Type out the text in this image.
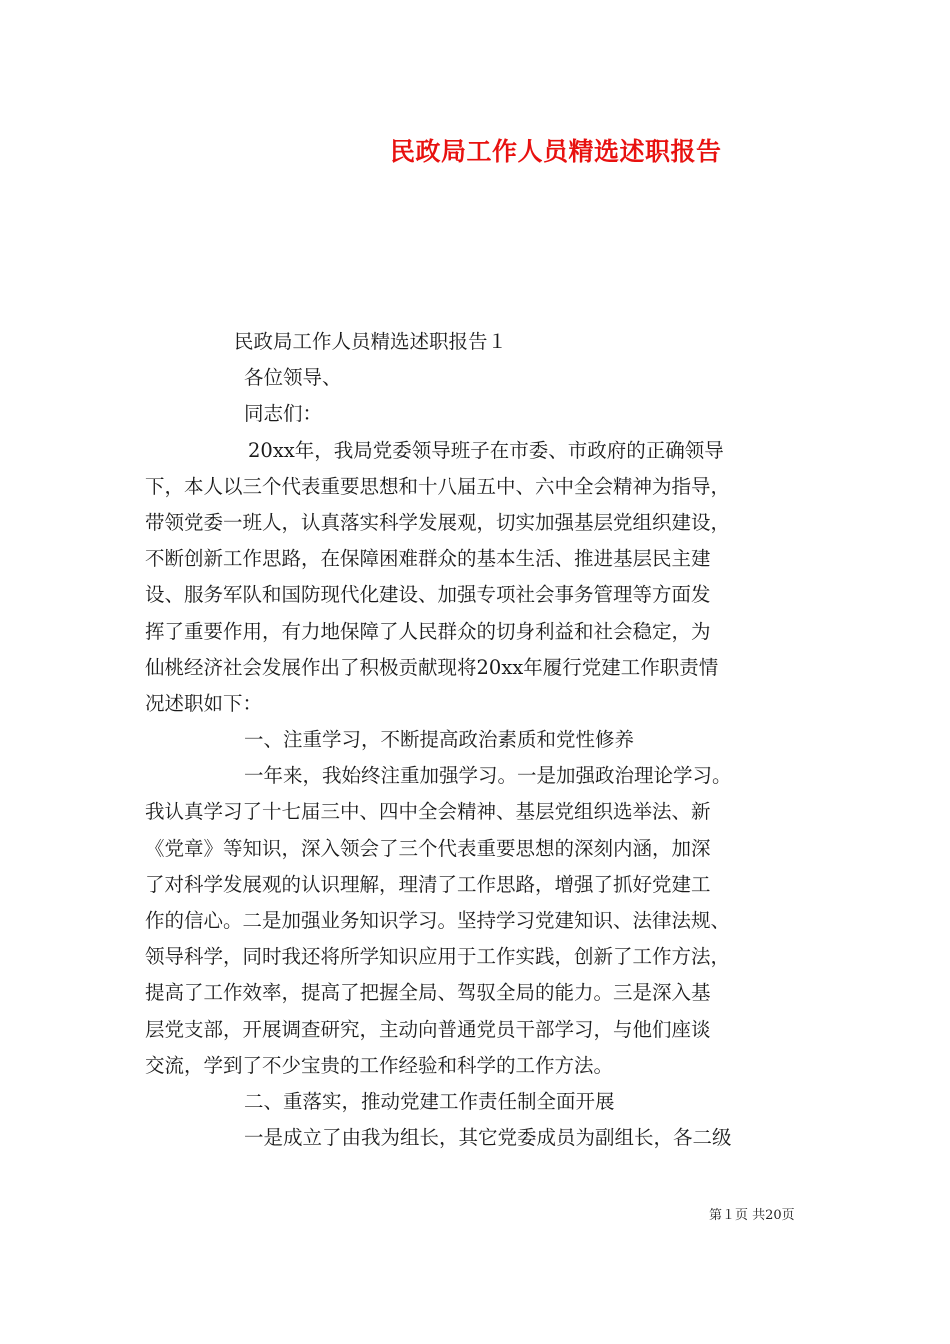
民政局工作人员精选述职报告
民政局工作人员精选述职报告１
各位领导、
同志们：
20xx年，我局党委领导班子在市委、市政府的正确领导
下，本人以三个代表重要思想和十八届五中、六中全会精神为指导，
带领党委一班人，认真落实科学发展观，切实加强基层党组织建设，
不断创新工作思路，在保障困难群众的基本生活、推进基层民主建
设、服务军队和国防现代化建设、加强专项社会事务管理等方面发
挥了重要作用，有力地保障了人民群众的切身利益和社会稳定，为
仙桃经济社会发展作出了积极贡献现将20xx年履行党建工作职责情
况述职如下：
一、注重学习，不断提高政治素质和党性修养
一年来，我始终注重加强学习。一是加强政治理论学习。
我认真学习了十七届三中、四中全会精神、基层党组织选举法、新
《党章》等知识，深入领会了三个代表重要思想的深刻内涵，加深
了对科学发展观的认识理解，理清了工作思路，增强了抓好党建工
作的信心。二是加强业务知识学习。坚持学习党建知识、法律法规、
领导科学，同时我还将所学知识应用于工作实践，创新了工作方法，
提高了工作效率，提高了把握全局、驾驭全局的能力。三是深入基
层党支部，开展调查研究，主动向普通党员干部学习，与他们座谈
交流，学到了不少宝贵的工作经验和科学的工作方法。
二、重落实，推动党建工作责任制全面开展
一是成立了由我为组长，其它党委成员为副组长，各二级
第１页 共20页
